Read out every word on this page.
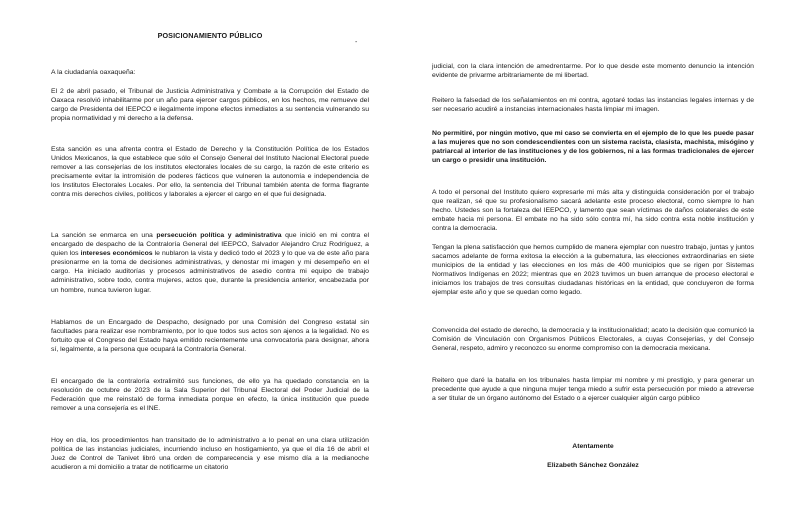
POSICIONAMIENTO PÚBLICO
-

A la ciudadanía oaxaqueña:

El 2 de abril pasado, el Tribunal de Justicia Administrativa y Combate a la Corrupción del Estado de Oaxaca resolvió inhabilitarme por un año para ejercer cargos públicos, en los hechos, me remueve del cargo de Presidenta del IEEPCO e ilegalmente impone efectos inmediatos a su sentencia vulnerando su propia normatividad y mi derecho a la defensa.

Esta sanción es una afrenta contra el Estado de Derecho y la Constitución Política de los Estados Unidos Mexicanos, la que establece que sólo el Consejo General del Instituto Nacional Electoral puede remover a las consejerías de los institutos electorales locales de su cargo, la razón de este criterio es precisamente evitar la intromisión de poderes fácticos que vulneren la autonomía e independencia de los Institutos Electorales Locales. Por ello, la sentencia del Tribunal también atenta de forma flagrante contra mis derechos civiles, políticos y laborales a ejercer el cargo en el que fui designada.

La sanción se enmarca en una persecución política y administrativa que inició en mi contra el encargado de despacho de la Contraloría General del IEEPCO, Salvador Alejandro Cruz Rodríguez, a quien los intereses económicos le nublaron la vista y dedicó todo el 2023 y lo que va de este año para presionarme en la toma de decisiones administrativas, y denostar mi imagen y mi desempeño en el cargo. Ha iniciado auditorías y procesos administrativos de asedio contra mi equipo de trabajo administrativo, sobre todo, contra mujeres, actos que, durante la presidencia anterior, encabezada por un hombre, nunca tuvieron lugar.

Hablamos de un Encargado de Despacho, designado por una Comisión del Congreso estatal sin facultades para realizar ese nombramiento, por lo que todos sus actos son ajenos a la legalidad. No es fortuito que el Congreso del Estado haya emitido recientemente una convocatoria para designar, ahora sí, legalmente, a la persona que ocupará la Contraloría General.

El encargado de la contraloría extralimitó sus funciones, de ello ya ha quedado constancia en la resolución de octubre de 2023 de la Sala Superior del Tribunal Electoral del Poder Judicial de la Federación que me reinstaló de forma inmediata porque en efecto, la única institución que puede remover a una consejería es el INE.

Hoy en día, los procedimientos han transitado de lo administrativo a lo penal en una clara utilización política de las instancias judiciales, incurriendo incluso en hostigamiento, ya que el día 16 de abril el Juez de Control de Tanivet libró una orden de comparecencia y ese mismo día a la medianoche acudieron a mi domicilio a tratar de notificarme un citatorio

judicial, con la clara intención de amedrentarme. Por lo que desde este momento denuncio la intención evidente de privarme arbitrariamente de mi libertad.

Reitero la falsedad de los señalamientos en mi contra, agotaré todas las instancias legales internas y de ser necesario acudiré a instancias internacionales hasta limpiar mi imagen.

No permitiré, por ningún motivo, que mi caso se convierta en el ejemplo de lo que les puede pasar a las mujeres que no son condescendientes con un sistema racista, clasista, machista, misógino y patriarcal al interior de las instituciones y de los gobiernos, ni a las formas tradicionales de ejercer un cargo o presidir una institución.

A todo el personal del Instituto quiero expresarle mi más alta y distinguida consideración por el trabajo que realizan, sé que su profesionalismo sacará adelante este proceso electoral, como siempre lo han hecho. Ustedes son la fortaleza del IEEPCO, y lamento que sean víctimas de daños colaterales de este embate hacia mi persona. El embate no ha sido sólo contra mí, ha sido contra esta noble institución y contra la democracia.

Tengan la plena satisfacción que hemos cumplido de manera ejemplar con nuestro trabajo, juntas y juntos sacamos adelante de forma exitosa la elección a la gubernatura, las elecciones extraordinarias en siete municipios de la entidad y las elecciones en los más de 400 municipios que se rigen por Sistemas Normativos Indígenas en 2022; mientras que en 2023 tuvimos un buen arranque de proceso electoral e iniciamos los trabajos de tres consultas ciudadanas históricas en la entidad, que concluyeron de forma ejemplar este año y que se quedan como legado.

Convencida del estado de derecho, la democracia y la institucionalidad; acato la decisión que comunicó la Comisión de Vinculación con Organismos Públicos Electorales, a cuyas Consejerías, y del Consejo General, respeto, admiro y reconozco su enorme compromiso con la democracia mexicana.

Reitero que daré la batalla en los tribunales hasta limpiar mi nombre y mi prestigio, y para generar un precedente que ayude a que ninguna mujer tenga miedo a sufrir esta persecución por miedo a atreverse a ser titular de un órgano autónomo del Estado o a ejercer cualquier algún cargo público

Atentamente

Elizabeth Sánchez González
